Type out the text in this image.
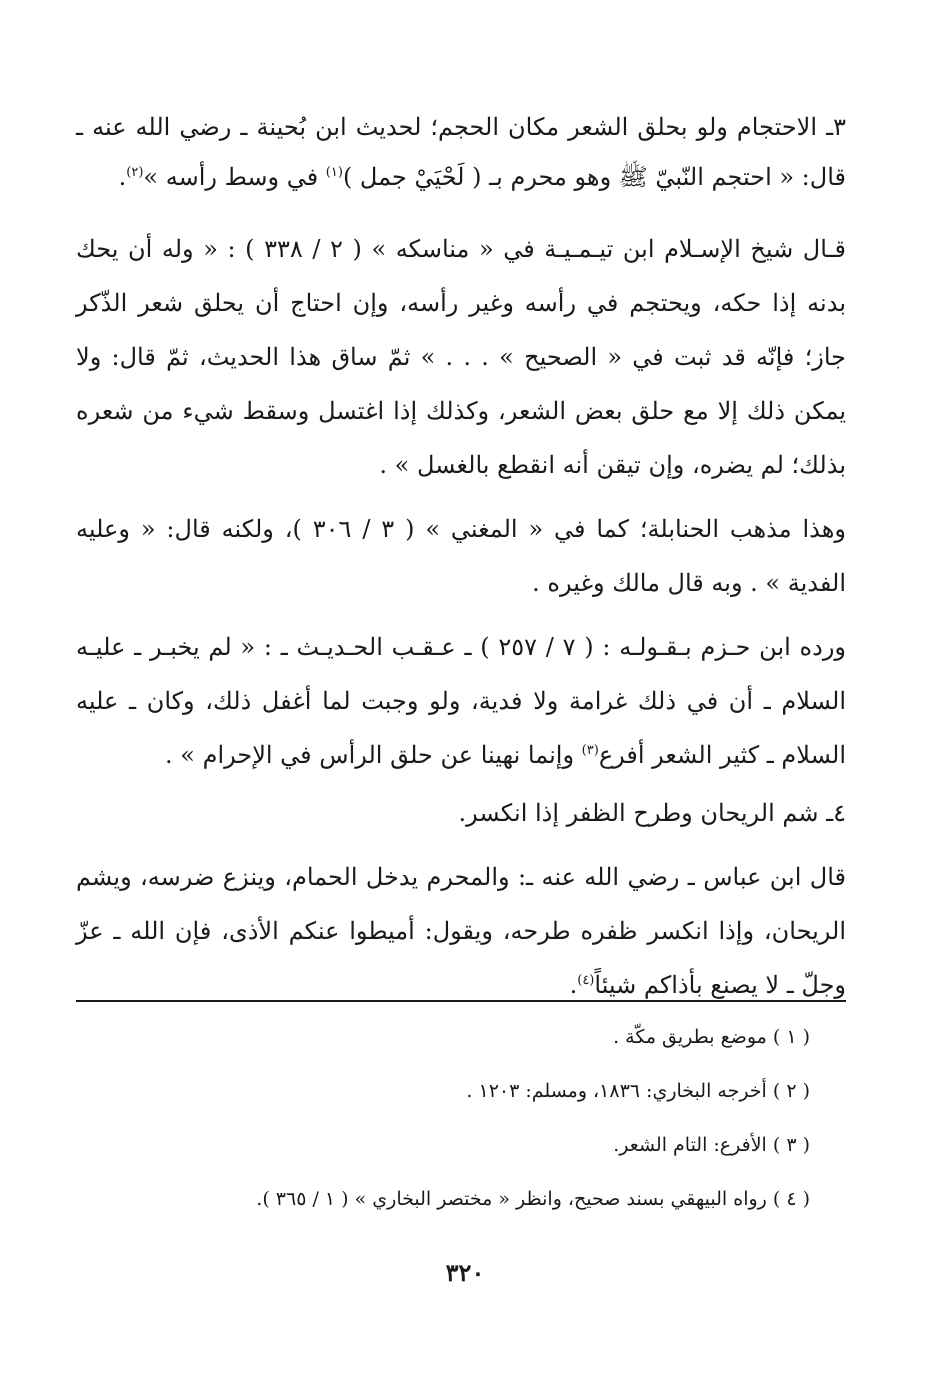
٣ـ الاحتجام ولو بحلق الشعر مكان الحجم؛ لحديث ابن بُحينة ـ رضي الله عنه ـ قال: « احتجم النّبيّ ﷺ وهو محرم بـ ( لَحْيَيْ جمل )$^{(١)}$ في وسط رأسه »$^{(٢)}$.

قـال شيخ الإسـلام ابن تيـمـيـة في « مناسكه » ( ٢ / ٣٣٨ ) : « وله أن يحك بدنه إذا حكه، ويحتجم في رأسه وغير رأسه، وإن احتاج أن يحلق شعر الذّكر جاز؛ فإنّه قد ثبت في « الصحيح » . . . » ثمّ ساق هذا الحديث، ثمّ قال: ولا يمكن ذلك إلا مع حلق بعض الشعر، وكذلك إذا اغتسل وسقط شيء من شعره بذلك؛ لم يضره، وإن تيقن أنه انقطع بالغسل » .

وهذا مذهب الحنابلة؛ كما في « المغني » ( ٣ / ٣٠٦ )، ولكنه قال: « وعليه الفدية » . وبه قال مالك وغيره .

ورده ابن حـزم بـقـولـه : ( ٧ / ٢٥٧ ) ـ عـقـب الحـديـث ـ : « لم يخبـر ـ عليـه السلام ـ أن في ذلك غرامة ولا فدية، ولو وجبت لما أغفل ذلك، وكان ـ عليه السلام ـ كثير الشعر أفرع$^{(٣)}$ وإنما نهينا عن حلق الرأس في الإحرام » .

٤ـ شم الريحان وطرح الظفر إذا انكسر.

قال ابن عباس ـ رضي الله عنه ـ: والمحرم يدخل الحمام، وينزع ضرسه، ويشم الريحان، وإذا انكسر ظفره طرحه، ويقول: أميطوا عنكم الأذى، فإن الله ـ عزّ وجلّ ـ لا يصنع بأذاكم شيئاً$^{(٤)}$.

( ١ ) موضع بطريق مكّة .

( ٢ ) أخرجه البخاري: ١٨٣٦، ومسلم: ١٢٠٣ .

( ٣ ) الأفرع: التام الشعر.

( ٤ ) رواه البيهقي بسند صحيح، وانظر « مختصر البخاري » ( ١ / ٣٦٥ ).

٣٢٠
